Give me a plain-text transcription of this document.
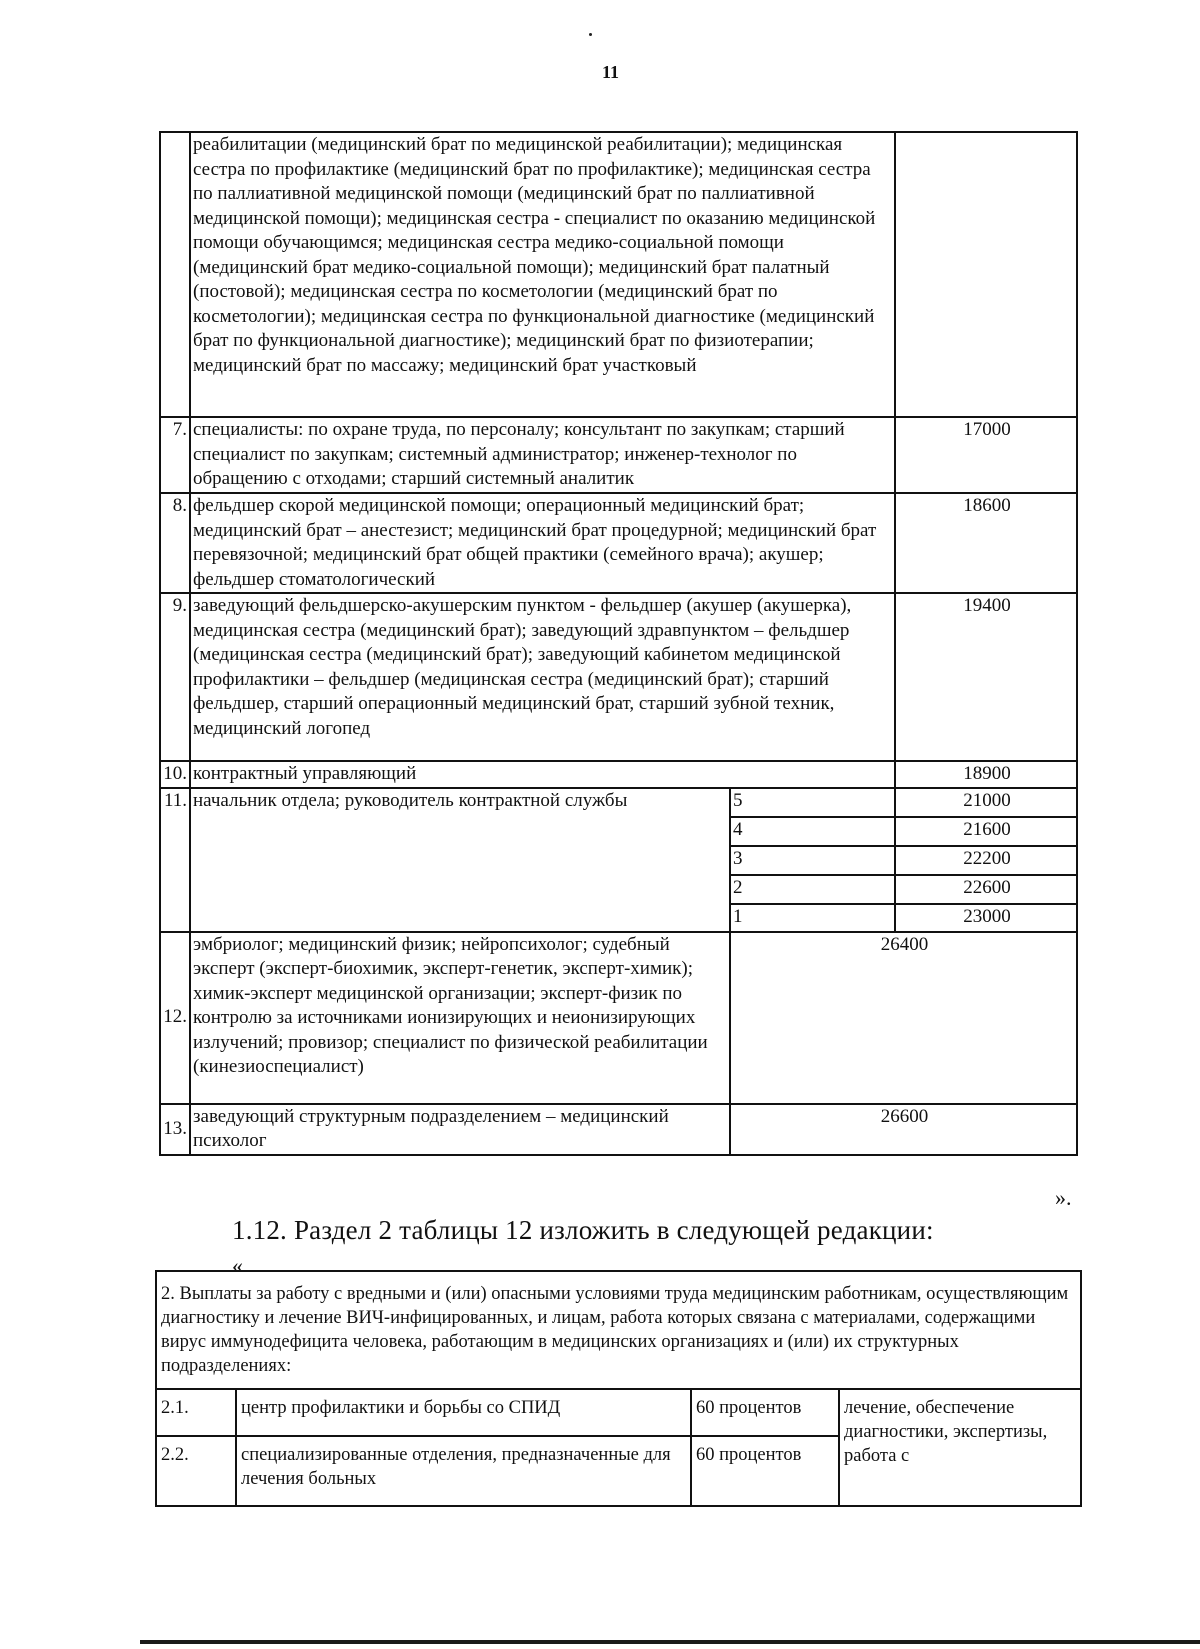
11
	реабилитации (медицинский брат по медицинской реабилитации); медицинская сестра по профилактике (медицинский брат по профилактике); медицинская сестра по паллиативной медицинской помощи (медицинский брат по паллиативной медицинской помощи); медицинская сестра - специалист по оказанию медицинской помощи обучающимся; медицинская сестра медико-социальной помощи (медицинский брат медико-социальной помощи); медицинский брат палатный (постовой); медицинская сестра по косметологии (медицинский брат по косметологии); медицинская сестра по функциональной диагностике (медицинский брат по функциональной диагностике); медицинский брат по физиотерапии; медицинский брат по массажу; медицинский брат участковый		
7.	специалисты: по охране труда, по персоналу; консультант по закупкам; старший специалист по закупкам; системный администратор; инженер-технолог по обращению с отходами; старший системный аналитик		17000
8.	фельдшер скорой медицинской помощи; операционный медицинский брат; медицинский брат – анестезист; медицинский брат процедурной; медицинский брат перевязочной; медицинский брат общей практики (семейного врача); акушер; фельдшер стоматологический		18600
9.	заведующий фельдшерско-акушерским пунктом - фельдшер (акушер (акушерка), медицинская сестра (медицинский брат); заведующий здравпунктом – фельдшер (медицинская сестра (медицинский брат); заведующий кабинетом медицинской профилактики – фельдшер (медицинская сестра (медицинский брат); старший фельдшер, старший операционный медицинский брат, старший зубной техник, медицинский логопед		19400
10.	контрактный управляющий		18900
11.	начальник отдела; руководитель контрактной службы	5	21000
		4	21600
		3	22200
		2	22600
		1	23000
12.	эмбриолог; медицинский физик; нейропсихолог; судебный эксперт (эксперт-биохимик, эксперт-генетик, эксперт-химик); химик-эксперт медицинской организации; эксперт-физик по контролю за источниками ионизирующих и неионизирующих излучений; провизор; специалист по физической реабилитации (кинезиоспециалист)	26400	
13.	заведующий структурным подразделением – медицинский психолог	26600	
».
1.12. Раздел 2 таблицы 12 изложить в следующей редакции:
«
2. Выплаты за работу с вредными и (или) опасными условиями труда медицинским работникам, осуществляющим диагностику и лечение ВИЧ-инфицированных, и лицам, работа которых связана с материалами, содержащими вирус иммунодефицита человека, работающим в медицинских организациях и (или) их структурных подразделениях:			
2.1.	центр профилактики и борьбы со СПИД	60 процентов	лечение, обеспечение диагностики, экспертизы, работа с
2.2.	специализированные отделения, предназначенные для лечения больных	60 процентов	
